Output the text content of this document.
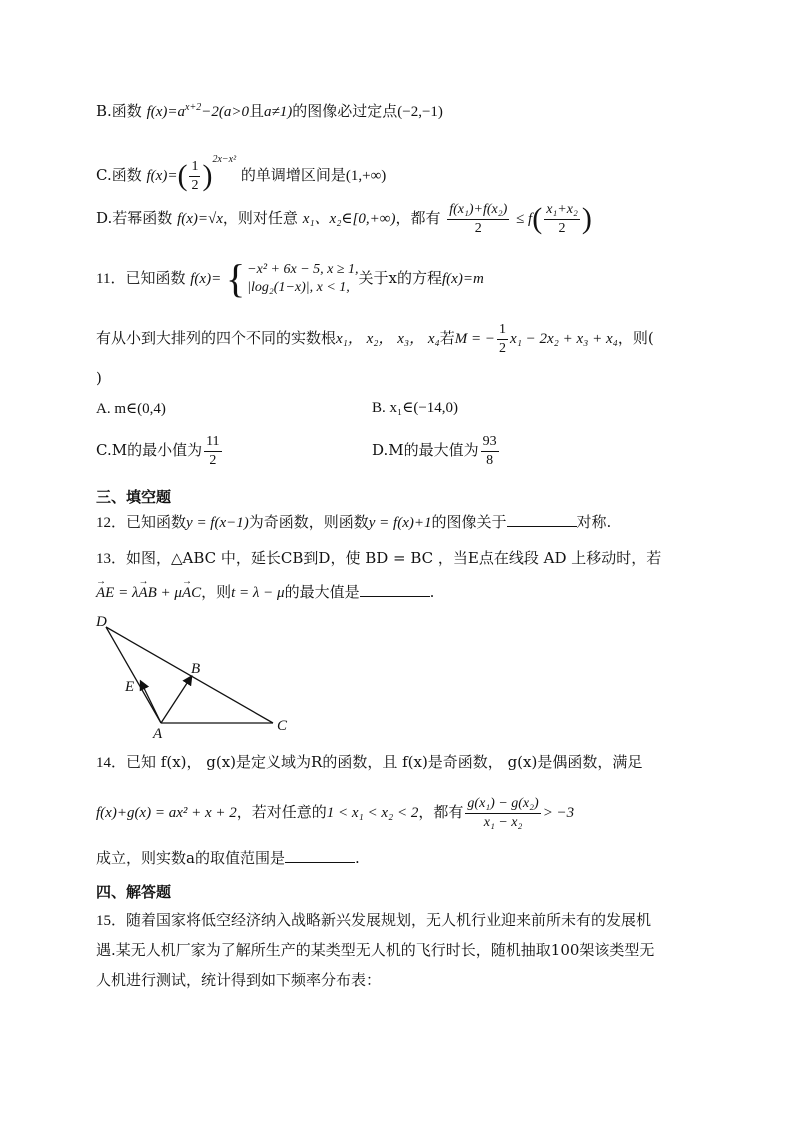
B.函数 $f(x)=a^{x+2}-2(a>0$且a≠1)的图像必过定点(−2,−1)
C.函数 $f(x)=( \frac{1}{2} )^{2x-x^2}$ 的单调增区间是(1,+∞)
D.若幂函数 f(x)=√x，则对任意 x₁、x₂∈[0,+∞)，都有 $\frac{\text{f(x₁)+f(x₂)}}{2} \le f( \frac{\text{x₁+x₂}}{2}$ )
11．已知函数 f(x)= { −x² + 6x − 5, x ≥ 1,
|log₂(1−x)|, x < 1,
关于x的方程f(x)=m
有从小到大排列的四个不同的实数根x₁， x₂， x₃， x₄若M = − $\frac{1}{2} x_1 - 2x_2 + x_3 + x_4$，则(
)
A. m∈(0,4)	B. x₁∈(−14,0)
C.M的最小值为 $\frac{11}{2}$	D.M的最大值为 $\frac{93}{8}$
三、填空题
12．已知函数y = f(x−1)为奇函数，则函数y = f(x)+1的图像关于	对称.
13．如图，△ABC 中，延长CB到D，使 BD = BC ，当E点在线段 AD 上移动时，若
→ AE = λ→ AB + μ→ AC，则t = λ − μ的最大值是	.
D
B
E
A	C
14．已知 f(x)， g(x)是定义域为R的函数，且 f(x)是奇函数， g(x)是偶函数，满足
f(x)+g(x) = ax² + x + 2，若对任意的1 < x₁ < x₂ < 2，都有 $\frac{\text{g(x₁) − g(x₂)}}{\text{x₁ − x₂}} > -3$
成立，则实数a的取值范围是	.
四、解答题
15．随着国家将低空经济纳入战略新兴发展规划，无人机行业迎来前所未有的发展机
遇.某无人机厂家为了解所生产的某类型无人机的飞行时长，随机抽取100架该类型无
人机进行测试，统计得到如下频率分布表：
